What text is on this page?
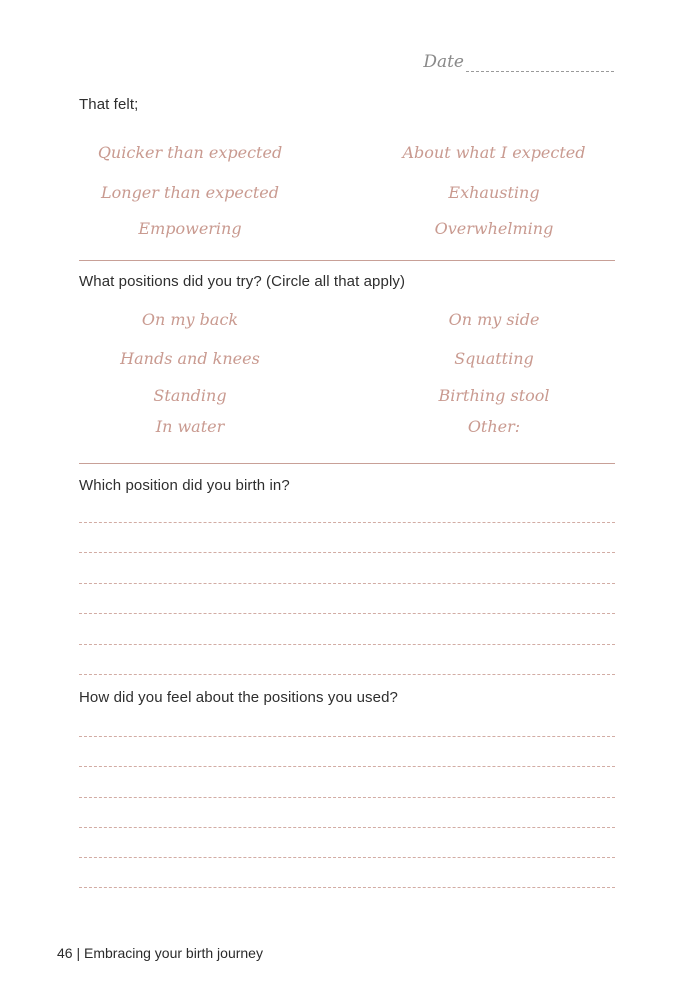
Date
That felt;
Quicker than expected	About what I expected
Longer than expected	Exhausting
Empowering	Overwhelming
What positions did you try? (Circle all that apply)
On my back	On my side
Hands and knees	Squatting
Standing	Birthing stool
In water	Other:
Which position did you birth in?
How did you feel about the positions you used?
46 | Embracing your birth journey
